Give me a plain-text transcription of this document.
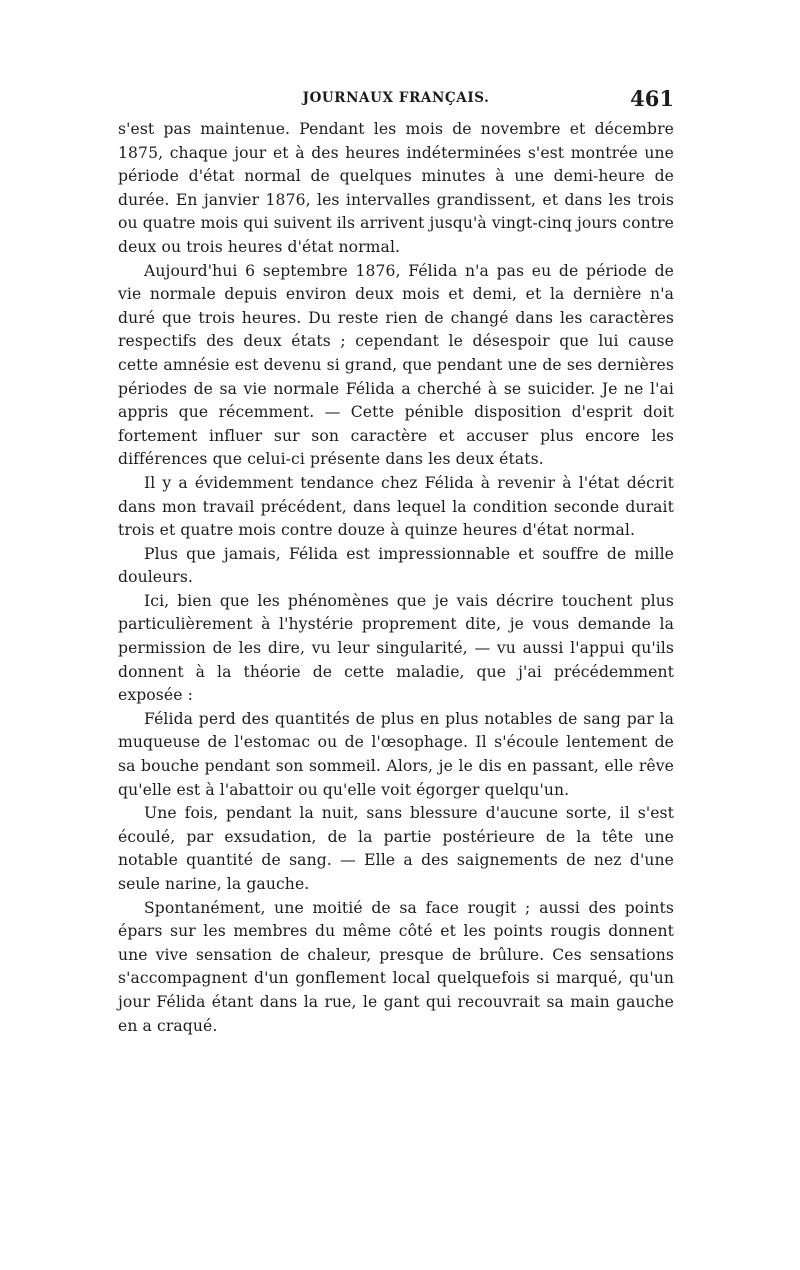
JOURNAUX FRANÇAIS.	461

s'est pas maintenue. Pendant les mois de novembre et décembre 1875, chaque jour et à des heures indéterminées s'est montrée une période d'état normal de quelques minutes à une demi-heure de durée. En janvier 1876, les intervalles grandissent, et dans les trois ou quatre mois qui suivent ils arrivent jusqu'à vingt-cinq jours contre deux ou trois heures d'état normal.

Aujourd'hui 6 septembre 1876, Félida n'a pas eu de période de vie normale depuis environ deux mois et demi, et la dernière n'a duré que trois heures. Du reste rien de changé dans les caractères respectifs des deux états ; cependant le désespoir que lui cause cette amnésie est devenu si grand, que pendant une de ses dernières périodes de sa vie normale Félida a cherché à se suicider. Je ne l'ai appris que récemment. — Cette pénible disposition d'esprit doit fortement influer sur son caractère et accuser plus encore les différences que celui-ci présente dans les deux états.

Il y a évidemment tendance chez Félida à revenir à l'état décrit dans mon travail précédent, dans lequel la condition seconde durait trois et quatre mois contre douze à quinze heures d'état normal.

Plus que jamais, Félida est impressionnable et souffre de mille douleurs.

Ici, bien que les phénomènes que je vais décrire touchent plus particulièrement à l'hystérie proprement dite, je vous demande la permission de les dire, vu leur singularité, — vu aussi l'appui qu'ils donnent à la théorie de cette maladie, que j'ai précédemment exposée :

Félida perd des quantités de plus en plus notables de sang par la muqueuse de l'estomac ou de l'œsophage. Il s'écoule lentement de sa bouche pendant son sommeil. Alors, je le dis en passant, elle rêve qu'elle est à l'abattoir ou qu'elle voit égorger quelqu'un.

Une fois, pendant la nuit, sans blessure d'aucune sorte, il s'est écoulé, par exsudation, de la partie postérieure de la tête une notable quantité de sang. — Elle a des saignements de nez d'une seule narine, la gauche.

Spontanément, une moitié de sa face rougit ; aussi des points épars sur les membres du même côté et les points rougis donnent une vive sensation de chaleur, presque de brûlure. Ces sensations s'accompagnent d'un gonflement local quelquefois si marqué, qu'un jour Félida étant dans la rue, le gant qui recouvrait sa main gauche en a craqué.
